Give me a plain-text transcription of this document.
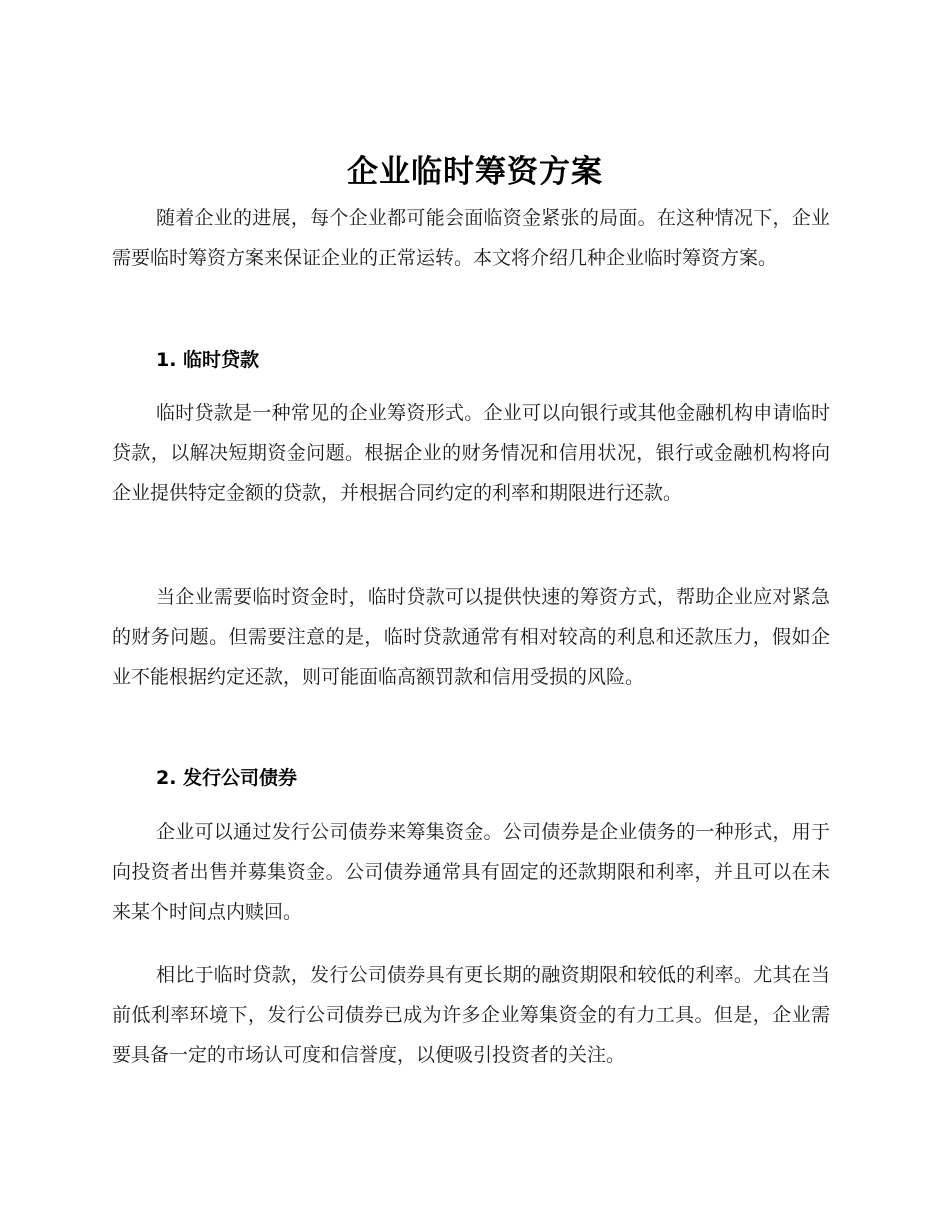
企业临时筹资方案

随着企业的进展，每个企业都可能会面临资金紧张的局面。在这种情况下，企业需要临时筹资方案来保证企业的正常运转。本文将介绍几种企业临时筹资方案。

1. 临时贷款

临时贷款是一种常见的企业筹资形式。企业可以向银行或其他金融机构申请临时贷款，以解决短期资金问题。根据企业的财务情况和信用状况，银行或金融机构将向企业提供特定金额的贷款，并根据合同约定的利率和期限进行还款。

当企业需要临时资金时，临时贷款可以提供快速的筹资方式，帮助企业应对紧急的财务问题。但需要注意的是，临时贷款通常有相对较高的利息和还款压力，假如企业不能根据约定还款，则可能面临高额罚款和信用受损的风险。

2. 发行公司债券

企业可以通过发行公司债券来筹集资金。公司债券是企业债务的一种形式，用于向投资者出售并募集资金。公司债券通常具有固定的还款期限和利率，并且可以在未来某个时间点内赎回。

相比于临时贷款，发行公司债券具有更长期的融资期限和较低的利率。尤其在当前低利率环境下，发行公司债券已成为许多企业筹集资金的有力工具。但是，企业需要具备一定的市场认可度和信誉度，以便吸引投资者的关注。
